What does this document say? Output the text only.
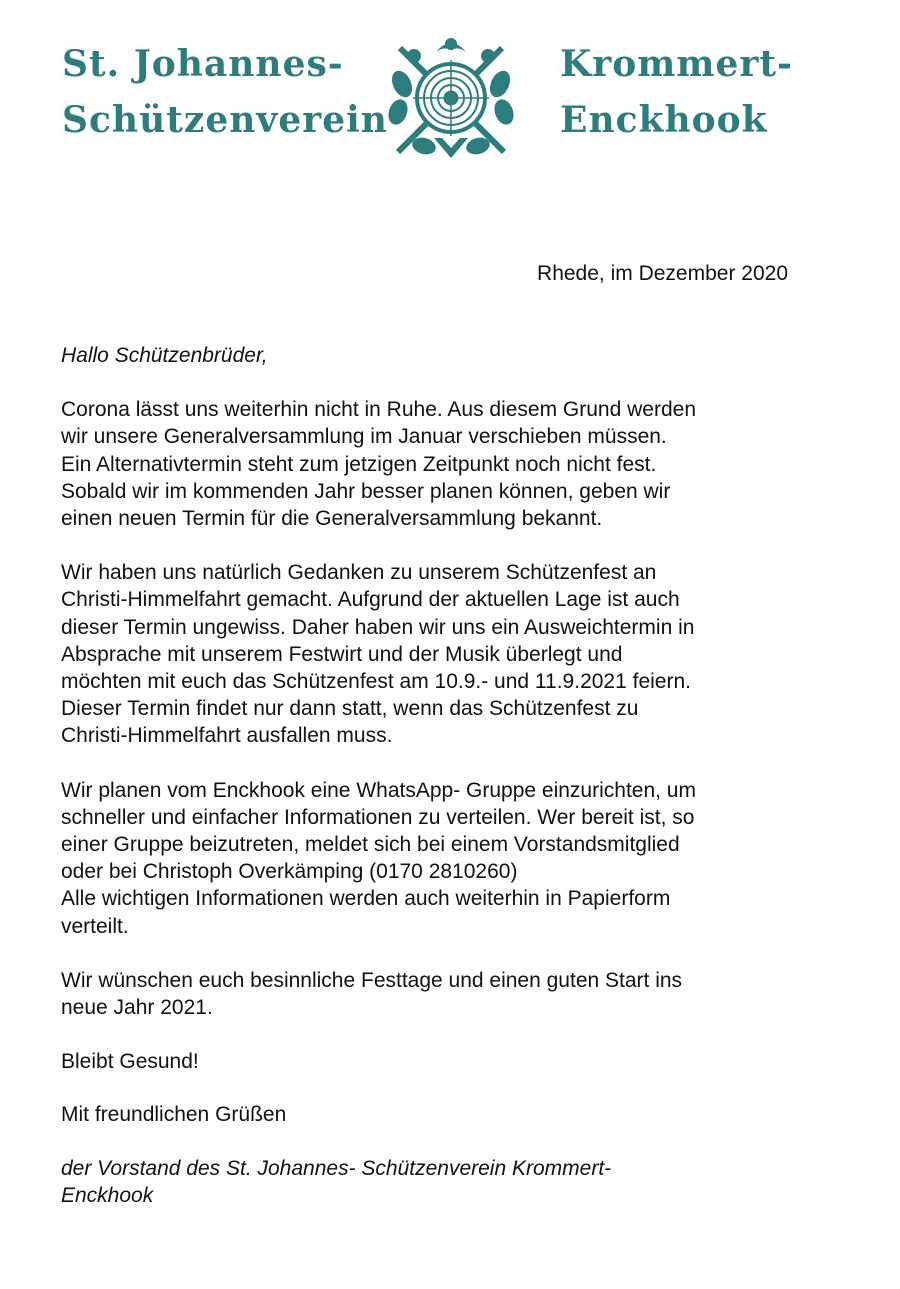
St. Johannes-
Schützenverein
Krommert-
Enckhook
Rhede, im Dezember 2020

Hallo Schützenbrüder,

Corona lässt uns weiterhin nicht in Ruhe. Aus diesem Grund werden
wir unsere Generalversammlung im Januar verschieben müssen.
Ein Alternativtermin steht zum jetzigen Zeitpunkt noch nicht fest.
Sobald wir im kommenden Jahr besser planen können, geben wir
einen neuen Termin für die Generalversammlung bekannt.

Wir haben uns natürlich Gedanken zu unserem Schützenfest an
Christi-Himmelfahrt gemacht. Aufgrund der aktuellen Lage ist auch
dieser Termin ungewiss. Daher haben wir uns ein Ausweichtermin in
Absprache mit unserem Festwirt und der Musik überlegt und
möchten mit euch das Schützenfest am 10.9.- und 11.9.2021 feiern.
Dieser Termin findet nur dann statt, wenn das Schützenfest zu
Christi-Himmelfahrt ausfallen muss.

Wir planen vom Enckhook eine WhatsApp- Gruppe einzurichten, um
schneller und einfacher Informationen zu verteilen. Wer bereit ist, so
einer Gruppe beizutreten, meldet sich bei einem Vorstandsmitglied
oder bei Christoph Overkämping (0170 2810260)
Alle wichtigen Informationen werden auch weiterhin in Papierform
verteilt.

Wir wünschen euch besinnliche Festtage und einen guten Start ins
neue Jahr 2021.

Bleibt Gesund!

Mit freundlichen Grüßen

der Vorstand des St. Johannes- Schützenverein Krommert-
Enckhook
